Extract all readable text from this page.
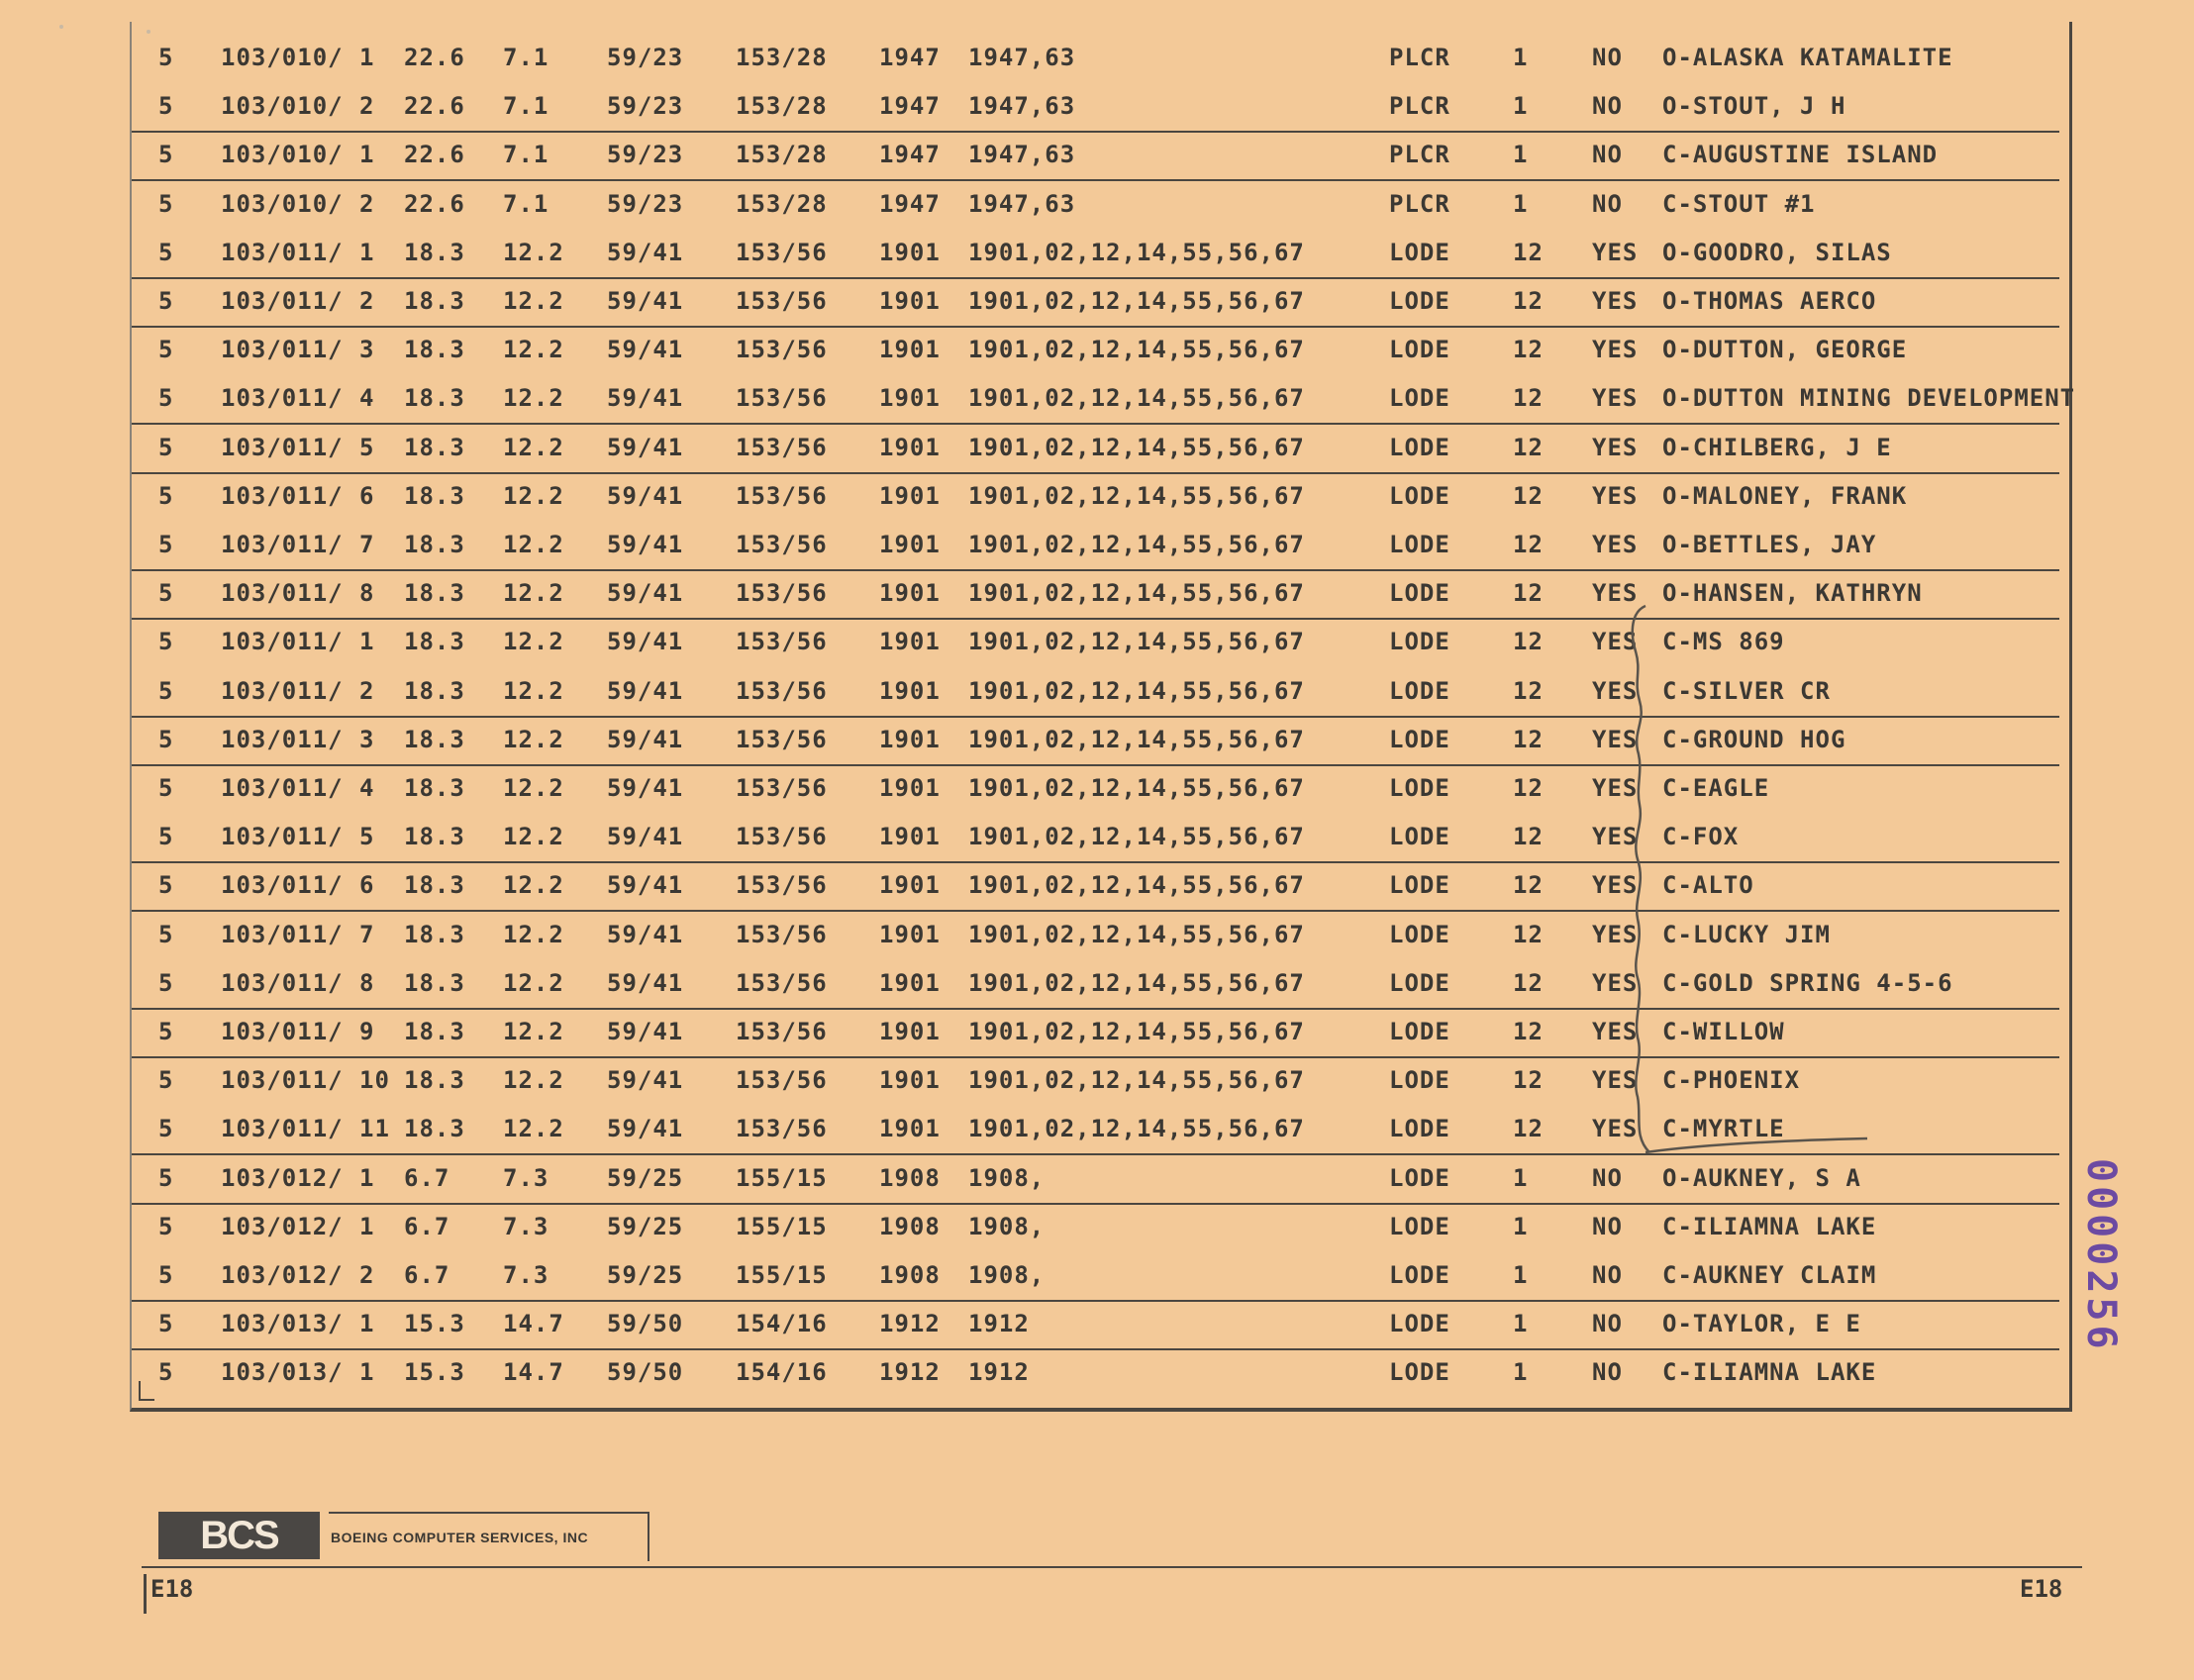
5 103/010/ 1 22.6 7.1 59/23 153/28 1947 1947,63	PLCR	1	NO O-ALASKA KATAMALITE
5 103/010/ 2 22.6 7.1 59/23 153/28 1947 1947,63	PLCR	1	NO O-STOUT, J H
5 103/010/ 1 22.6 7.1 59/23 153/28 1947 1947,63	PLCR	1	NO C-AUGUSTINE ISLAND
5 103/010/ 2 22.6 7.1 59/23 153/28 1947 1947,63	PLCR	1	NO C-STOUT #1
5 103/011/ 1 18.3 12.2 59/41 153/56 1901 1901,02,12,14,55,56,67	LODE	12 YES O-GOODRO, SILAS
5 103/011/ 2 18.3 12.2 59/41 153/56 1901 1901,02,12,14,55,56,67	LODE	12 YES O-THOMAS AERCO
5 103/011/ 3 18.3 12.2 59/41 153/56 1901 1901,02,12,14,55,56,67	LODE	12 YES O-DUTTON, GEORGE
5 103/011/ 4 18.3 12.2 59/41 153/56 1901 1901,02,12,14,55,56,67	LODE	12 YES O-DUTTON MINING DEVELOPMENT
5 103/011/ 5 18.3 12.2 59/41 153/56 1901 1901,02,12,14,55,56,67	LODE	12 YES O-CHILBERG, J E
5 103/011/ 6 18.3 12.2 59/41 153/56 1901 1901,02,12,14,55,56,67	LODE	12 YES O-MALONEY, FRANK
5 103/011/ 7 18.3 12.2 59/41 153/56 1901 1901,02,12,14,55,56,67	LODE	12 YES O-BETTLES, JAY
5 103/011/ 8 18.3 12.2 59/41 153/56 1901 1901,02,12,14,55,56,67	LODE	12 YES O-HANSEN, KATHRYN
5 103/011/ 1 18.3 12.2 59/41 153/56 1901 1901,02,12,14,55,56,67	LODE	12 YES C-MS 869
5 103/011/ 2 18.3 12.2 59/41 153/56 1901 1901,02,12,14,55,56,67	LODE	12 YES C-SILVER CR
5 103/011/ 3 18.3 12.2 59/41 153/56 1901 1901,02,12,14,55,56,67	LODE	12 YES C-GROUND HOG
5 103/011/ 4 18.3 12.2 59/41 153/56 1901 1901,02,12,14,55,56,67	LODE	12 YES C-EAGLE
5 103/011/ 5 18.3 12.2 59/41 153/56 1901 1901,02,12,14,55,56,67	LODE	12 YES C-FOX
5 103/011/ 6 18.3 12.2 59/41 153/56 1901 1901,02,12,14,55,56,67	LODE	12 YES C-ALTO
5 103/011/ 7 18.3 12.2 59/41 153/56 1901 1901,02,12,14,55,56,67	LODE	12 YES C-LUCKY JIM
5 103/011/ 8 18.3 12.2 59/41 153/56 1901 1901,02,12,14,55,56,67	LODE	12 YES C-GOLD SPRING 4-5-6
5 103/011/ 9 18.3 12.2 59/41 153/56 1901 1901,02,12,14,55,56,67	LODE	12 YES C-WILLOW
5 103/011/ 10 18.3 12.2 59/41 153/56 1901 1901,02,12,14,55,56,67	LODE	12 YES C-PHOENIX
5 103/011/ 11 18.3 12.2 59/41 153/56 1901 1901,02,12,14,55,56,67	LODE	12 YES C-MYRTLE
5 103/012/ 1 6.7 7.3 59/25 155/15 1908 1908,	LODE	1	NO O-AUKNEY, S A
5 103/012/ 1 6.7 7.3 59/25 155/15 1908 1908,	LODE	1	NO C-ILIAMNA LAKE
5 103/012/ 2 6.7 7.3 59/25 155/15 1908 1908,	LODE	1	NO C-AUKNEY CLAIM
5 103/013/ 1 15.3 14.7 59/50 154/16 1912 1912	LODE	1	NO O-TAYLOR, E E
5 103/013/ 1 15.3 14.7 59/50 154/16 1912 1912	LODE	1	NO C-ILIAMNA LAKE
0000256
BCS	BOEING COMPUTER SERVICES, INC
E18	E18
